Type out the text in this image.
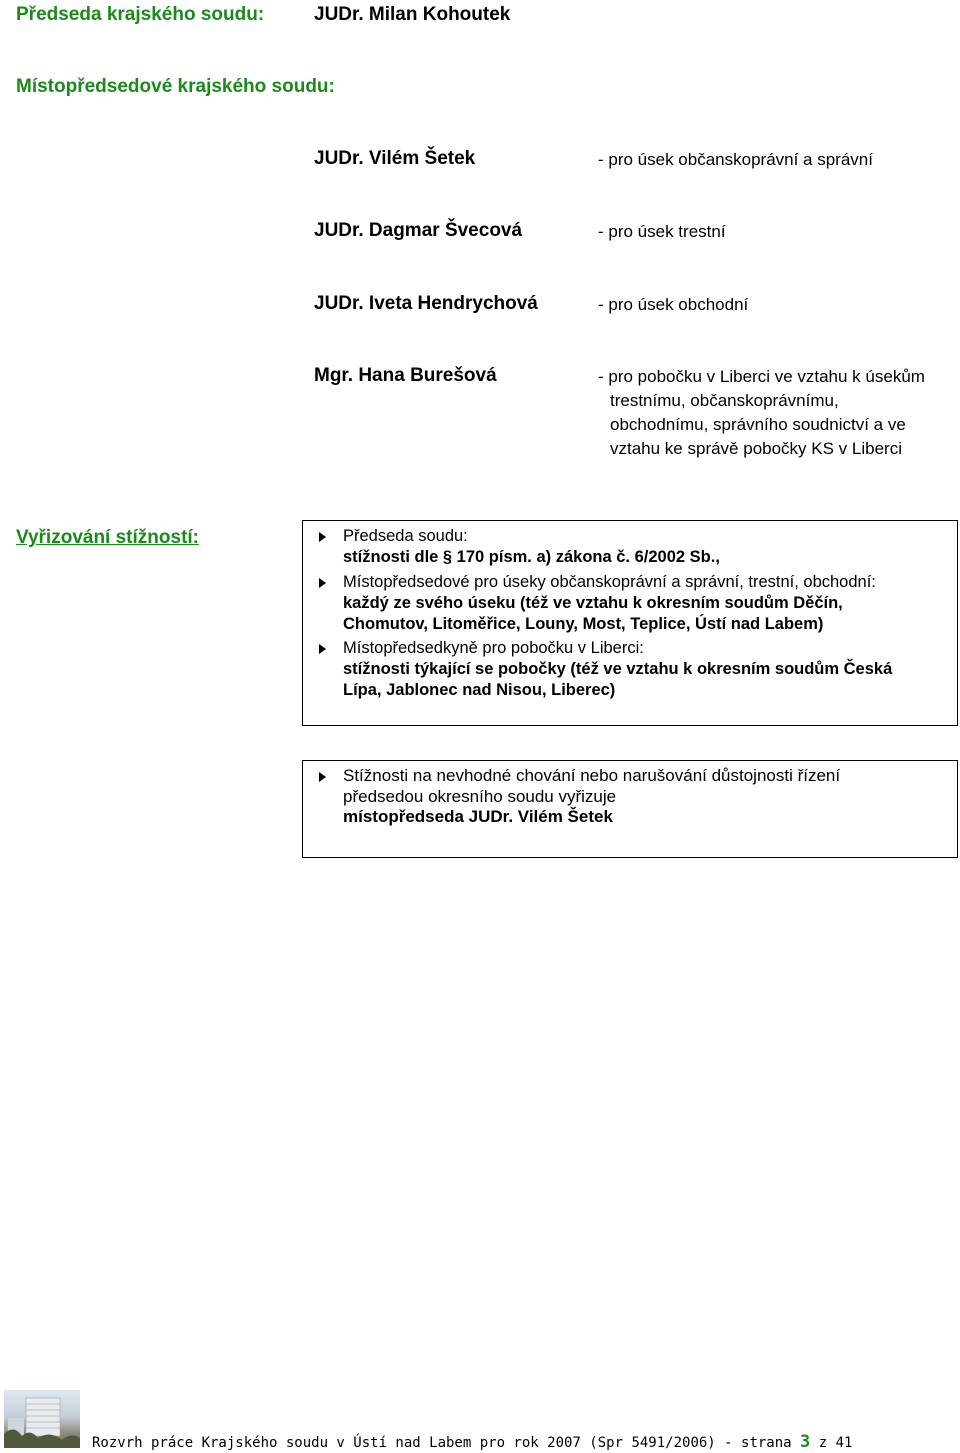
Předseda krajského soudu:	JUDr. Milan Kohoutek
Místopředsedové krajského soudu:
JUDr. Vilém Šetek	- pro úsek občanskoprávní a správní
JUDr. Dagmar Švecová	- pro úsek trestní
JUDr. Iveta Hendrychová	- pro úsek obchodní
Mgr. Hana Burešová	- pro pobočku v Liberci ve vztahu k úsekům
trestnímu, občanskoprávnímu,
obchodnímu, správního soudnictví a ve
vztahu ke správě pobočky KS v Liberci
Vyřizování stížností:	Předseda soudu:
stížnosti dle § 170 písm. a) zákona č. 6/2002 Sb.,
Místopředsedové pro úseky občanskoprávní a správní, trestní, obchodní:
každý ze svého úseku (též ve vztahu k okresním soudům Děčín,
Chomutov, Litoměřice, Louny, Most, Teplice, Ústí nad Labem)
Místopředsedkyně pro pobočku v Liberci:
stížnosti týkající se pobočky (též ve vztahu k okresním soudům Česká
Lípa, Jablonec nad Nisou, Liberec)
Stížnosti na nevhodné chování nebo narušování důstojnosti řízení
předsedou okresního soudu vyřizuje
místopředseda JUDr. Vilém Šetek
Rozvrh práce Krajského soudu v Ústí nad Labem pro rok 2007 (Spr 5491/2006) - strana 3 z 41
